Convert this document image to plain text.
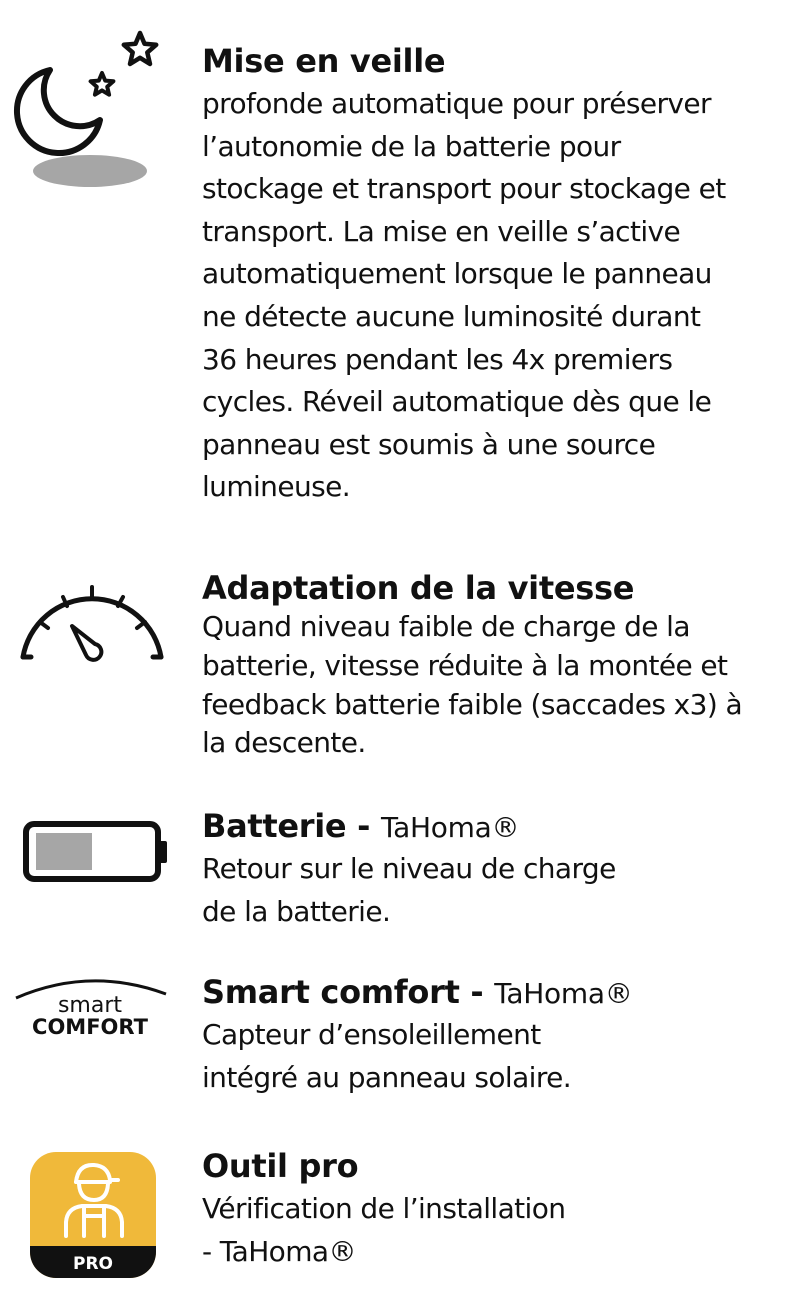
Mise en veille
profonde automatique pour préserver
l’autonomie de la batterie pour
stockage et transport pour stockage et
transport. La mise en veille s’active
automatiquement lorsque le panneau
ne détecte aucune luminosité durant
36 heures pendant les 4x premiers
cycles. Réveil automatique dès que le
panneau est soumis à une source
lumineuse.
Adaptation de la vitesse
Quand niveau faible de charge de la
batterie, vitesse réduite à la montée et
feedback batterie faible (saccades x3) à
la descente.
Batterie - TaHoma®
Retour sur le niveau de charge
de la batterie.
smart
COMFORT
Smart comfort - TaHoma®
Capteur d’ensoleillement
intégré au panneau solaire.
PRO
Outil pro
Vérification de l’installation
- TaHoma®
